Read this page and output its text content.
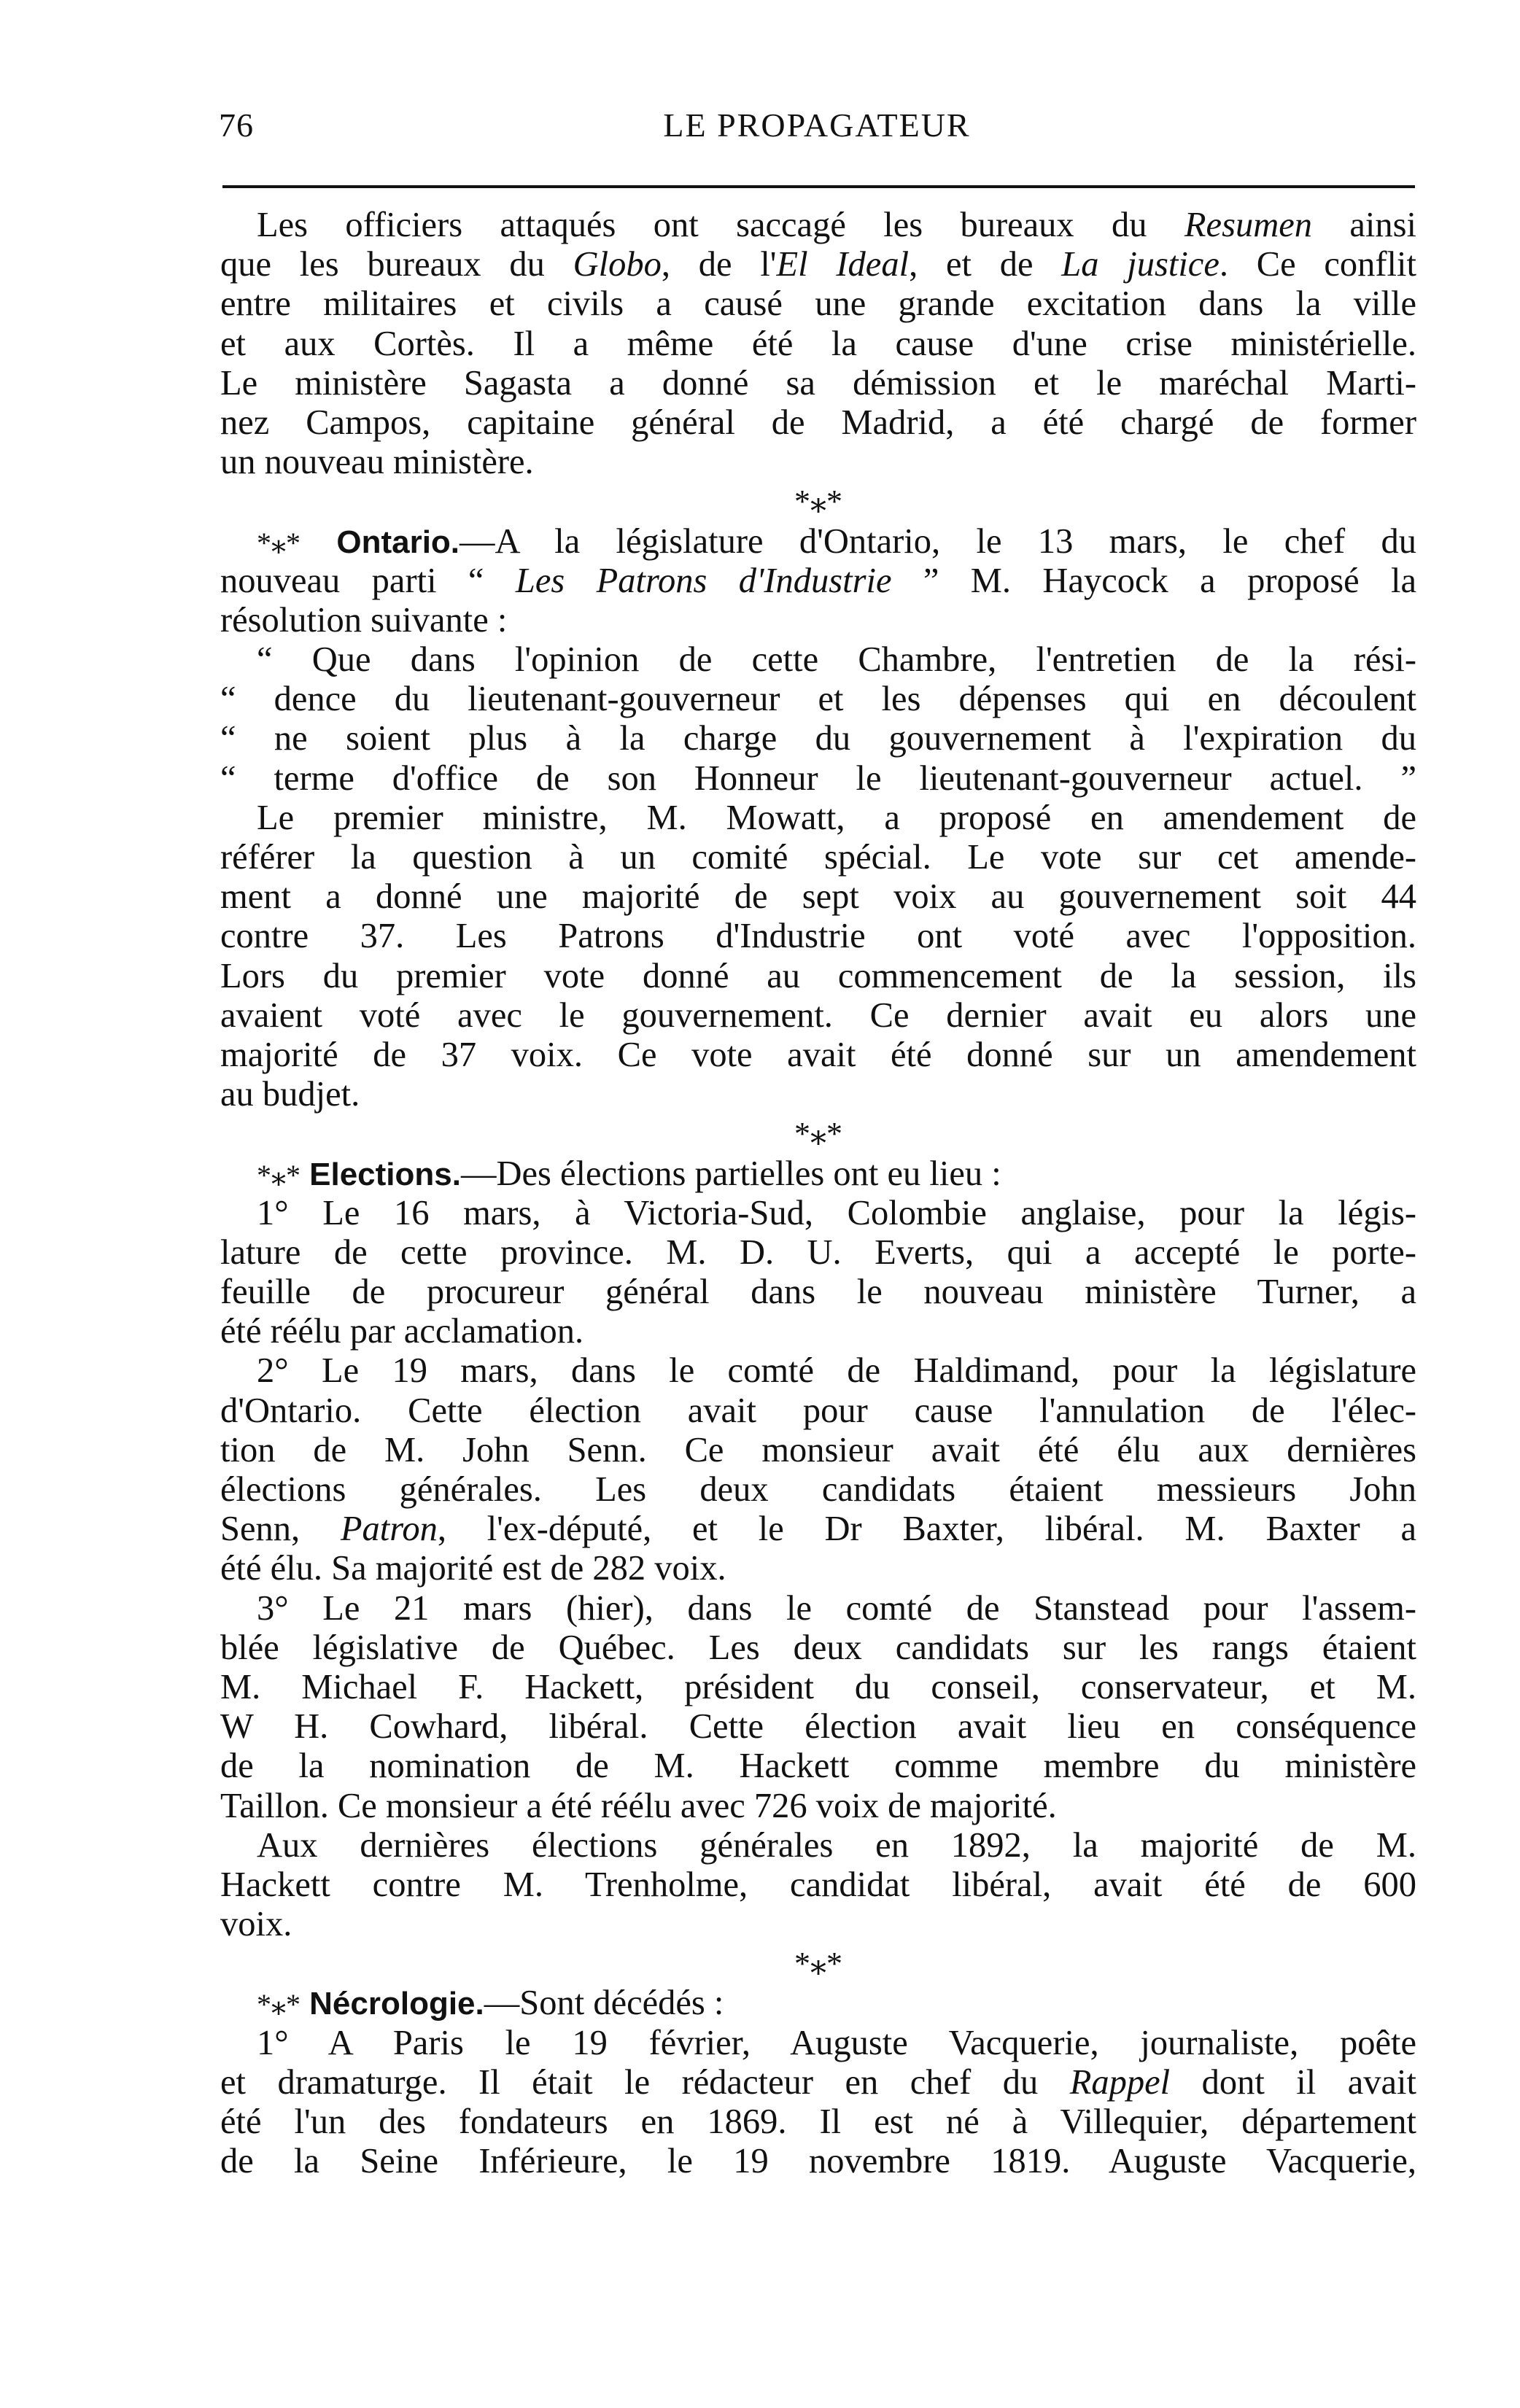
76	LE PROPAGATEUR
Les officiers attaqués ont saccagé les bureaux du Resumen ainsi
que les bureaux du Globo, de l'El Ideal, et de La justice. Ce conflit
entre militaires et civils a causé une grande excitation dans la ville
et aux Cortès. Il a même été la cause d'une crise ministérielle.
Le ministère Sagasta a donné sa démission et le maréchal Marti-
nez Campos, capitaine général de Madrid, a été chargé de former
un nouveau ministère.
*⁎*
*⁎* Ontario.—A la législature d'Ontario, le 13 mars, le chef du
nouveau parti “ Les Patrons d'Industrie ” M. Haycock a proposé la
résolution suivante :
“ Que dans l'opinion de cette Chambre, l'entretien de la rési-
“ dence du lieutenant-gouverneur et les dépenses qui en découlent
“ ne soient plus à la charge du gouvernement à l'expiration du
“ terme d'office de son Honneur le lieutenant-gouverneur actuel. ”
Le premier ministre, M. Mowatt, a proposé en amendement de
référer la question à un comité spécial. Le vote sur cet amende-
ment a donné une majorité de sept voix au gouvernement soit 44
contre 37. Les Patrons d'Industrie ont voté avec l'opposition.
Lors du premier vote donné au commencement de la session, ils
avaient voté avec le gouvernement. Ce dernier avait eu alors une
majorité de 37 voix. Ce vote avait été donné sur un amendement
au budjet.
*⁎*
*⁎* Elections.—Des élections partielles ont eu lieu :
1° Le 16 mars, à Victoria-Sud, Colombie anglaise, pour la légis-
lature de cette province. M. D. U. Everts, qui a accepté le porte-
feuille de procureur général dans le nouveau ministère Turner, a
été réélu par acclamation.
2° Le 19 mars, dans le comté de Haldimand, pour la législature
d'Ontario. Cette élection avait pour cause l'annulation de l'élec-
tion de M. John Senn. Ce monsieur avait été élu aux dernières
élections générales. Les deux candidats étaient messieurs John
Senn, Patron, l'ex-député, et le Dr Baxter, libéral. M. Baxter a
été élu. Sa majorité est de 282 voix.
3° Le 21 mars (hier), dans le comté de Stanstead pour l'assem-
blée législative de Québec. Les deux candidats sur les rangs étaient
M. Michael F. Hackett, président du conseil, conservateur, et M.
W H. Cowhard, libéral. Cette élection avait lieu en conséquence
de la nomination de M. Hackett comme membre du ministère
Taillon. Ce monsieur a été réélu avec 726 voix de majorité.
Aux dernières élections générales en 1892, la majorité de M.
Hackett contre M. Trenholme, candidat libéral, avait été de 600
voix.
*⁎*
*⁎* Nécrologie.—Sont décédés :
1° A Paris le 19 février, Auguste Vacquerie, journaliste, poête
et dramaturge. Il était le rédacteur en chef du Rappel dont il avait
été l'un des fondateurs en 1869. Il est né à Villequier, département
de la Seine Inférieure, le 19 novembre 1819. Auguste Vacquerie,
